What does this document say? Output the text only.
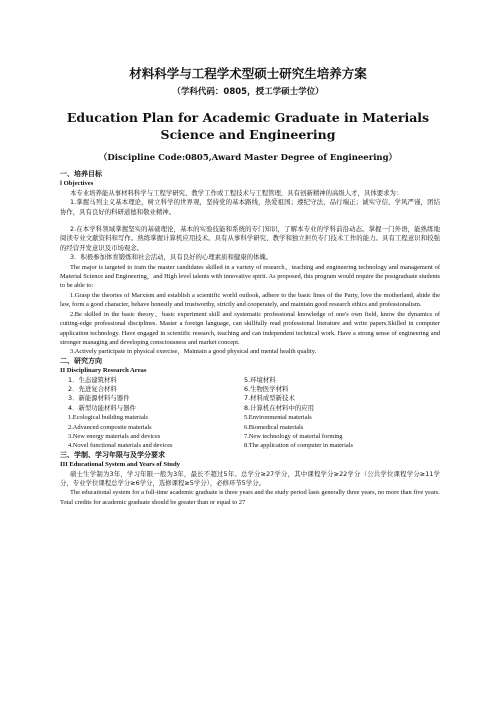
材料科学与工程学术型硕士研究生培养方案
（学科代码：0805，授工学硕士学位）
Education Plan for Academic Graduate in Materials Science and Engineering
（Discipline Code:0805,Award Master Degree of Engineering）

一、培养目标

Ⅰ Objectives

本专业培养能从事材料科学与工程学研究、教学工作或工程技术与工程管理，具有创新精神的高级人才，具体要求为：

1.掌握马列主义基本理论，树立科学的世界观，坚持党的基本路线，热爱祖国；遵纪守法，品行端正；诚实守信，学风严谨，团结协作，具有良好的科研道德和敬业精神。

2.在本学科领域掌握坚实的基础理论，基本的实验技能和系统的专门知识，了解本专业的学科前沿动态。掌握一门外语，能熟练地阅读专业文献资料和写作。熟练掌握计算机应用技术。具有从事科学研究、教学和独立担负专门技术工作的能力。具有工程意识和较强的经营开发意识及市场观念。

3．积极参加体育锻炼和社会活动，具有良好的心理素质和健康的体魄。

The major is targeted to train the master candidates skilled in a variety of research、teaching and engineering technology and management of Material Science and Engineering，and High level talents with innovative spirit. As proposed, this program would require the postgraduate students to be able to:

1.Grasp the theories of Marxism and establish a scientific world outlook, adhere to the basic lines of the Party, love the motherland, abide the law, form a good character, behave honestly and trustworthy, strictly and cooperately, and maintain good research ethics and professionalism.

2.Be skilled in the basic theory、basic experiment skill and systematic professional knowledge of one's own field, know the dynamics of cutting-edge professional disciplines. Master a foreign language, can skillfully read professional literature and write papers.Skilled in computer application technology. Have engaged in scientific research, teaching and can independent technical work. Have a strong sense of engineering and stronger managing and developing consciousness and market concept.

3.Actively participate in physical exercise，Maintain a good physical and mental health quality.

二、研究方向

II Disciplinary Research Areas

1．生态建筑材料

2．先进复合材料

3．新能源材料与器件

4．新型功能材料与器件

1.Ecological building materials

2.Advanced composite materials

3.New energy materials and devices

4.Novel functional materials and devices

5.环境材料

6.生物医学材料

7.材料成型新技术

8.计算机在材料中的应用

5.Environmental materials

6.Biomedical materials

7.New technology of material forming

8.The application of computer in materials

三、学制、学习年限与及学分要求

III Educational System and Years of Study

硕士生学制为3年，学习年限一般为3年，最长不超过5年。总学分≥27学分，其中课程学分≥22学分（公共学位课程学分≥11学分，专业学位课程总学分≥6学分，选修课程≥5学分），必修环节5学分。

The educational system for a full-time academic graduate is three years and the study period lasts generally three years, no more than five years. Total credits for academic graduate should be greater than or equal to 27
